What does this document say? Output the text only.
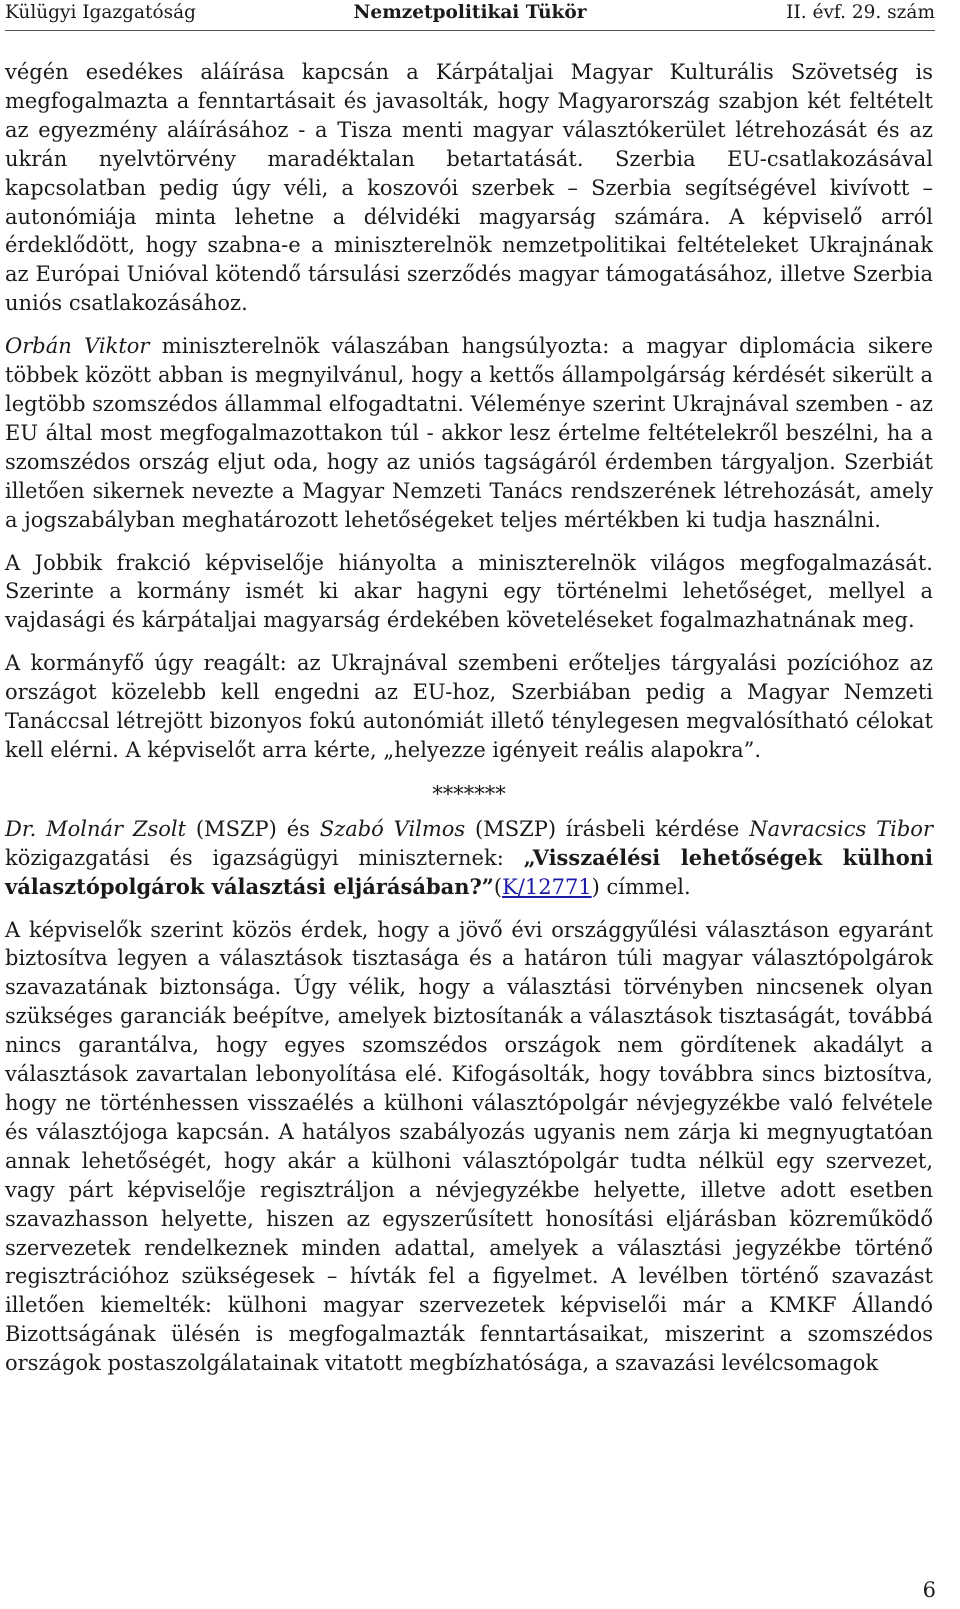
Külügyi Igazgatóság	Nemzetpolitikai Tükör	II. évf. 29. szám

végén esedékes aláírása kapcsán a Kárpátaljai Magyar Kulturális Szövetség is megfogalmazta a fenntartásait és javasolták, hogy Magyarország szabjon két feltételt az egyezmény aláírásához - a Tisza menti magyar választókerület létrehozását és az ukrán nyelvtörvény maradéktalan betartatását. Szerbia EU-csatlakozásával kapcsolatban pedig úgy véli, a koszovói szerbek – Szerbia segítségével kivívott – autonómiája minta lehetne a délvidéki magyarság számára. A képviselő arról érdeklődött, hogy szabna-e a miniszterelnök nemzetpolitikai feltételeket Ukrajnának az Európai Unióval kötendő társulási szerződés magyar támogatásához, illetve Szerbia uniós csatlakozásához.

Orbán Viktor miniszterelnök válaszában hangsúlyozta: a magyar diplomácia sikere többek között abban is megnyilvánul, hogy a kettős állampolgárság kérdését sikerült a legtöbb szomszédos állammal elfogadtatni. Véleménye szerint Ukrajnával szemben - az EU által most megfogalmazottakon túl - akkor lesz értelme feltételekről beszélni, ha a szomszédos ország eljut oda, hogy az uniós tagságáról érdemben tárgyaljon. Szerbiát illetően sikernek nevezte a Magyar Nemzeti Tanács rendszerének létrehozását, amely a jogszabályban meghatározott lehetőségeket teljes mértékben ki tudja használni.

A Jobbik frakció képviselője hiányolta a miniszterelnök világos megfogalmazását. Szerinte a kormány ismét ki akar hagyni egy történelmi lehetőséget, mellyel a vajdasági és kárpátaljai magyarság érdekében követeléseket fogalmazhatnának meg.

A kormányfő úgy reagált: az Ukrajnával szembeni erőteljes tárgyalási pozícióhoz az országot közelebb kell engedni az EU-hoz, Szerbiában pedig a Magyar Nemzeti Tanáccsal létrejött bizonyos fokú autonómiát illető ténylegesen megvalósítható célokat kell elérni. A képviselőt arra kérte, „helyezze igényeit reális alapokra”.

*******

Dr. Molnár Zsolt (MSZP) és Szabó Vilmos (MSZP) írásbeli kérdése Navracsics Tibor közigazgatási és igazságügyi miniszternek: „Visszaélési lehetőségek külhoni választópolgárok választási eljárásában?”(K/12771) címmel.

A képviselők szerint közös érdek, hogy a jövő évi országgyűlési választáson egyaránt biztosítva legyen a választások tisztasága és a határon túli magyar választópolgárok szavazatának biztonsága. Úgy vélik, hogy a választási törvényben nincsenek olyan szükséges garanciák beépítve, amelyek biztosítanák a választások tisztaságát, továbbá nincs garantálva, hogy egyes szomszédos országok nem gördítenek akadályt a választások zavartalan lebonyolítása elé. Kifogásolták, hogy továbbra sincs biztosítva, hogy ne történhessen visszaélés a külhoni választópolgár névjegyzékbe való felvétele és választójoga kapcsán. A hatályos szabályozás ugyanis nem zárja ki megnyugtatóan annak lehetőségét, hogy akár a külhoni választópolgár tudta nélkül egy szervezet, vagy párt képviselője regisztráljon a névjegyzékbe helyette, illetve adott esetben szavazhasson helyette, hiszen az egyszerűsített honosítási eljárásban közreműködő szervezetek rendelkeznek minden adattal, amelyek a választási jegyzékbe történő regisztrációhoz szükségesek – hívták fel a figyelmet. A levélben történő szavazást illetően kiemelték: külhoni magyar szervezetek képviselői már a KMKF Állandó Bizottságának ülésén is megfogalmazták fenntartásaikat, miszerint a szomszédos országok postaszolgálatainak vitatott megbízhatósága, a szavazási levélcsomagok

6
